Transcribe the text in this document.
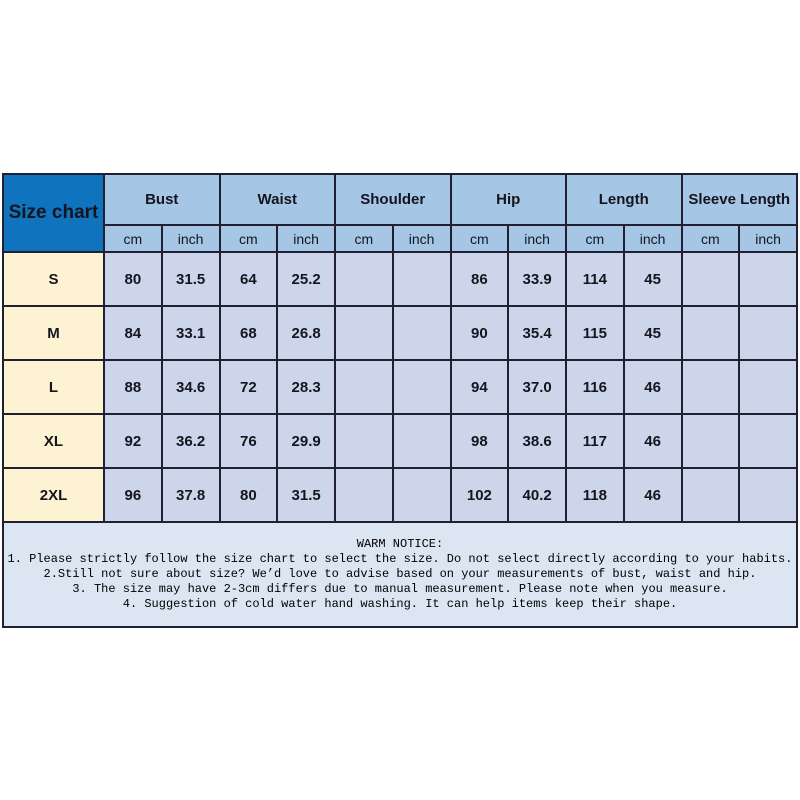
Size chart	Bust		Waist		Shoulder		Hip		Length		Sleeve Length	
	cm	inch	cm	inch	cm	inch	cm	inch	cm	inch	cm	inch
S	80	31.5	64	25.2			86	33.9	114	45		
M	84	33.1	68	26.8			90	35.4	115	45		
L	88	34.6	72	28.3			94	37.0	116	46		
XL	92	36.2	76	29.9			98	38.6	117	46		
2XL	96	37.8	80	31.5			102	40.2	118	46		

WARM NOTICE:
1. Please strictly follow the size chart to select the size. Do not select directly according to your habits.
2.Still not sure about size? We’d love to advise based on your measurements of bust, waist and hip.
3. The size may have 2-3cm differs due to manual measurement. Please note when you measure.
4. Suggestion of cold water hand washing. It can help items keep their shape.												
